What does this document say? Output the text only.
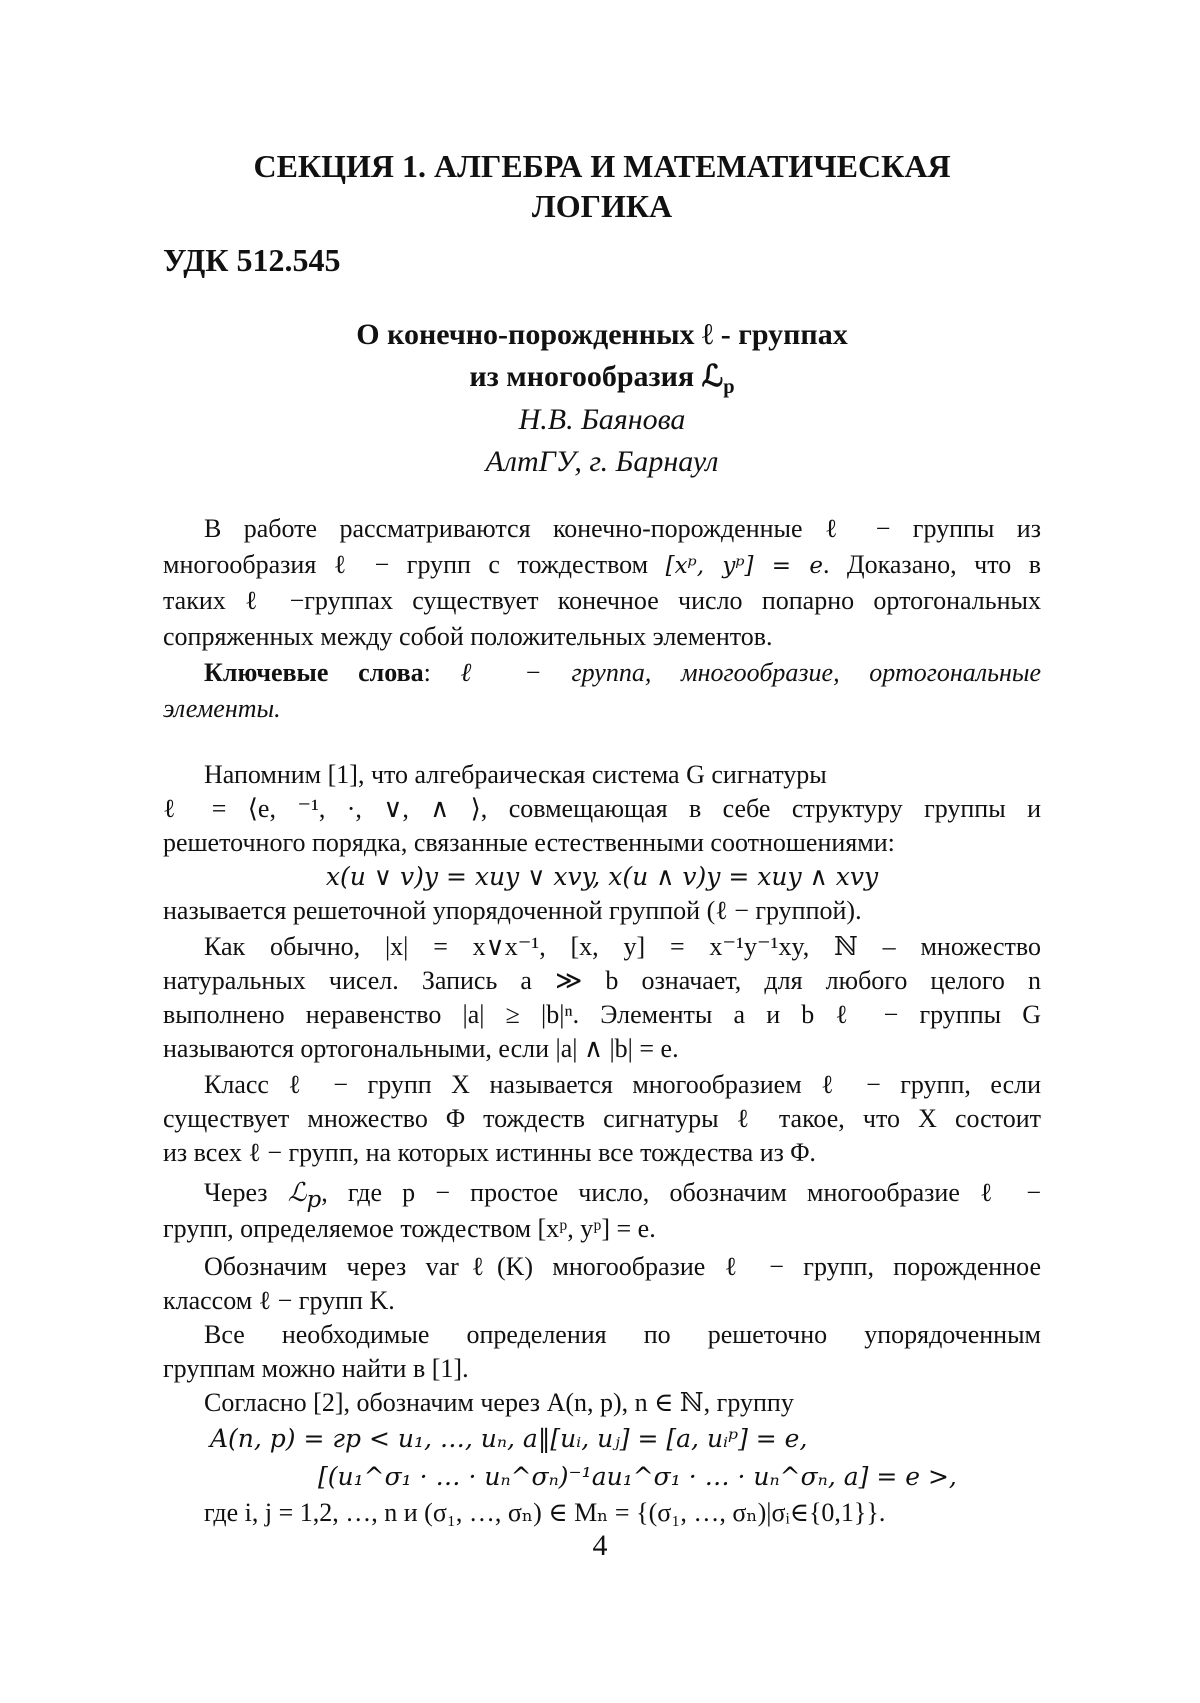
СЕКЦИЯ 1. АЛГЕБРА И МАТЕМАТИЧЕСКАЯ
ЛОГИКА
УДК 512.545
О конечно-порожденных ℓ - группах
из многообразия ℒ$_p$
Н.В. Баянова
АлтГУ, г. Барнаул
В работе рассматриваются конечно-порожденные ℓ − группы из
многообразия ℓ − групп с тождеством [xᵖ, yᵖ] = e. Доказано, что в
таких ℓ −группах существует конечное число попарно ортогональных
сопряженных между собой положительных элементов.
Ключевые слова: ℓ − группа, многообразие, ортогональные
элементы.
Напомним [1], что алгебраическая система G сигнатуры
ℓ = ⟨e, ⁻¹, ·, ∨, ∧ ⟩, совмещающая в себе структуру группы и
решеточного порядка, связанные естественными соотношениями:
x(u ∨ v)y = xuy ∨ xvy, x(u ∧ v)y = xuy ∧ xvy
называется решеточной упорядоченной группой (ℓ − группой).
Как обычно, |x| = x∨x⁻¹, [x, y] = x⁻¹y⁻¹xy, ℕ – множество
натуральных чисел. Запись a ≫ b означает, для любого целого n
выполнено неравенство |a| ≥ |b|ⁿ. Элементы a и b ℓ − группы G
называются ортогональными, если |a| ∧ |b| = e.
Класс ℓ − групп X называется многообразием ℓ − групп, если
существует множество Φ тождеств сигнатуры ℓ такое, что X состоит
из всех ℓ − групп, на которых истинны все тождества из Φ.
Через ℒ$_p$, где p − простое число, обозначим многообразие ℓ −
групп, определяемое тождеством [xᵖ, yᵖ] = e.
Обозначим через varℓ(K) многообразие ℓ − групп, порожденное
классом ℓ − групп K.
Все необходимые определения по решеточно упорядоченным
группам можно найти в [1].
Согласно [2], обозначим через A(n, p), n ∈ ℕ, группу
A(n, p) = гр < u₁, …, uₙ, a‖[uᵢ, uⱼ] = [a, uᵢᵖ] = e,
[(u₁^σ₁ · … · uₙ^σₙ)⁻¹au₁^σ₁ · … · uₙ^σₙ, a] = e >,
где i, j = 1,2, …, n и (σ₁, …, σₙ) ∈ Mₙ = {(σ₁, …, σₙ)|σᵢ∈{0,1}}.
4
